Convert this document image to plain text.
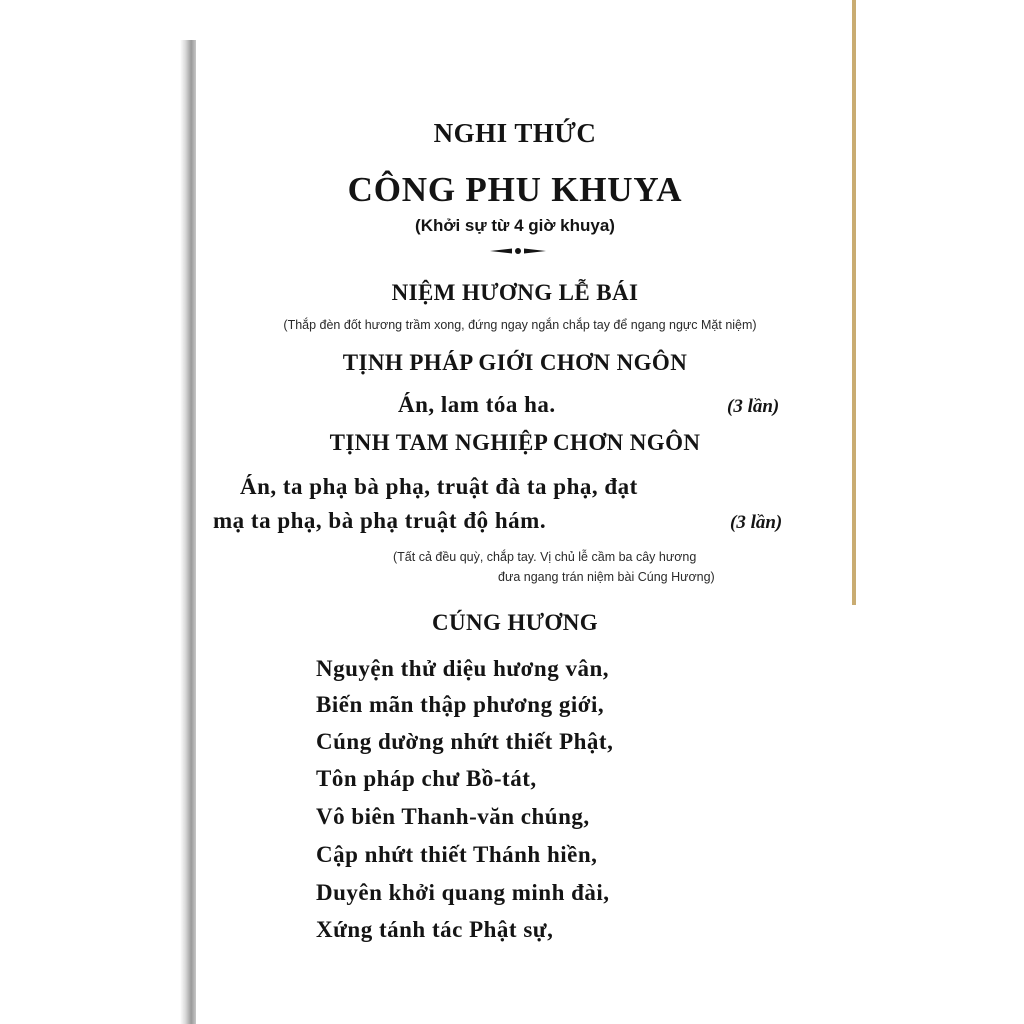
NGHI THỨC
CÔNG PHU KHUYA
(Khởi sự từ 4 giờ khuya)
NIỆM HƯƠNG LỄ BÁI
(Thắp đèn đốt hương trầm xong, đứng ngay ngắn chắp tay để ngang ngực Mặt niệm)
TỊNH PHÁP GIỚI CHƠN NGÔN
Án, lam tóa ha.	(3 lần)
TỊNH TAM NGHIỆP CHƠN NGÔN
Án, ta phạ bà phạ, truật đà ta phạ, đạt
mạ ta phạ, bà phạ truật độ hám.	(3 lần)
(Tất cả đều quỳ, chắp tay. Vị chủ lễ cầm ba cây hương
đưa ngang trán niệm bài Cúng Hương)
CÚNG HƯƠNG
Nguyện thử diệu hương vân,
Biến mãn thập phương giới,
Cúng dường nhứt thiết Phật,
Tôn pháp chư Bồ-tát,
Vô biên Thanh-văn chúng,
Cập nhứt thiết Thánh hiền,
Duyên khởi quang minh đài,
Xứng tánh tác Phật sự,
